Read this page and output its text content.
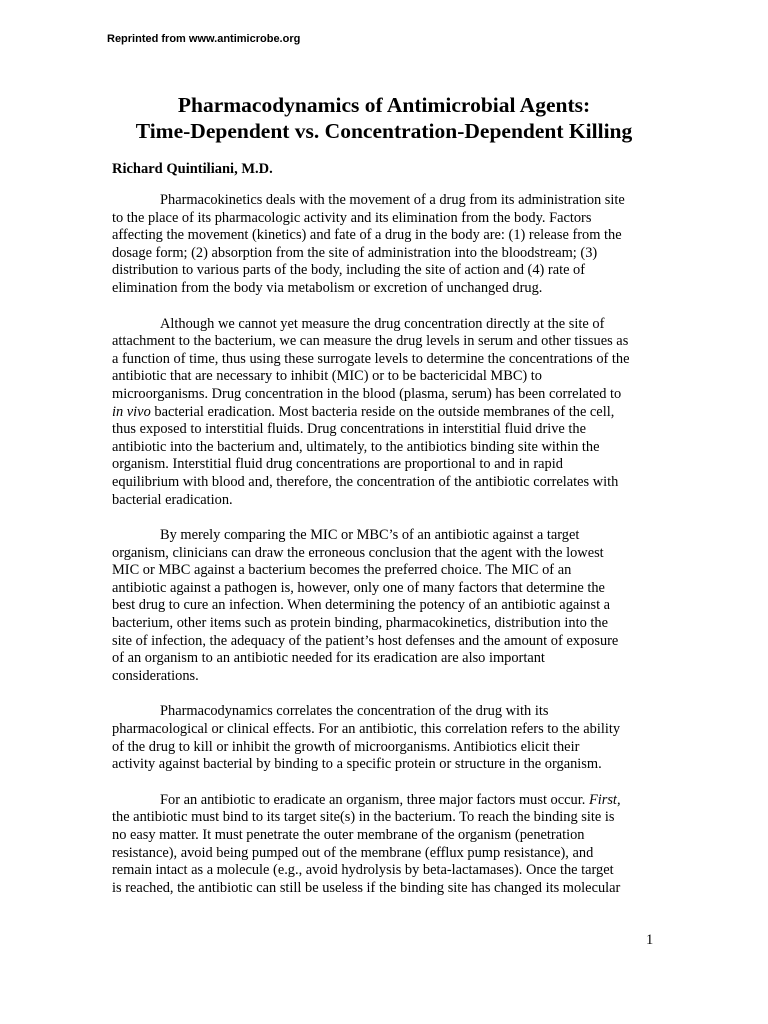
Reprinted from www.antimicrobe.org
Pharmacodynamics of Antimicrobial Agents:
Time-Dependent vs. Concentration-Dependent Killing
Richard Quintiliani, M.D.
Pharmacokinetics deals with the movement of a drug from its administration site
to the place of its pharmacologic activity and its elimination from the body. Factors
affecting the movement (kinetics) and fate of a drug in the body are: (1) release from the
dosage form; (2) absorption from the site of administration into the bloodstream; (3)
distribution to various parts of the body, including the site of action and (4) rate of
elimination from the body via metabolism or excretion of unchanged drug.
Although we cannot yet measure the drug concentration directly at the site of
attachment to the bacterium, we can measure the drug levels in serum and other tissues as
a function of time, thus using these surrogate levels to determine the concentrations of the
antibiotic that are necessary to inhibit (MIC) or to be bactericidal MBC) to
microorganisms. Drug concentration in the blood (plasma, serum) has been correlated to
in vivo bacterial eradication. Most bacteria reside on the outside membranes of the cell,
thus exposed to interstitial fluids. Drug concentrations in interstitial fluid drive the
antibiotic into the bacterium and, ultimately, to the antibiotics binding site within the
organism. Interstitial fluid drug concentrations are proportional to and in rapid
equilibrium with blood and, therefore, the concentration of the antibiotic correlates with
bacterial eradication.
By merely comparing the MIC or MBC’s of an antibiotic against a target
organism, clinicians can draw the erroneous conclusion that the agent with the lowest
MIC or MBC against a bacterium becomes the preferred choice. The MIC of an
antibiotic against a pathogen is, however, only one of many factors that determine the
best drug to cure an infection. When determining the potency of an antibiotic against a
bacterium, other items such as protein binding, pharmacokinetics, distribution into the
site of infection, the adequacy of the patient’s host defenses and the amount of exposure
of an organism to an antibiotic needed for its eradication are also important
considerations.
Pharmacodynamics correlates the concentration of the drug with its
pharmacological or clinical effects. For an antibiotic, this correlation refers to the ability
of the drug to kill or inhibit the growth of microorganisms. Antibiotics elicit their
activity against bacterial by binding to a specific protein or structure in the organism.
For an antibiotic to eradicate an organism, three major factors must occur. First,
the antibiotic must bind to its target site(s) in the bacterium. To reach the binding site is
no easy matter. It must penetrate the outer membrane of the organism (penetration
resistance), avoid being pumped out of the membrane (efflux pump resistance), and
remain intact as a molecule (e.g., avoid hydrolysis by beta-lactamases). Once the target
is reached, the antibiotic can still be useless if the binding site has changed its molecular
1
